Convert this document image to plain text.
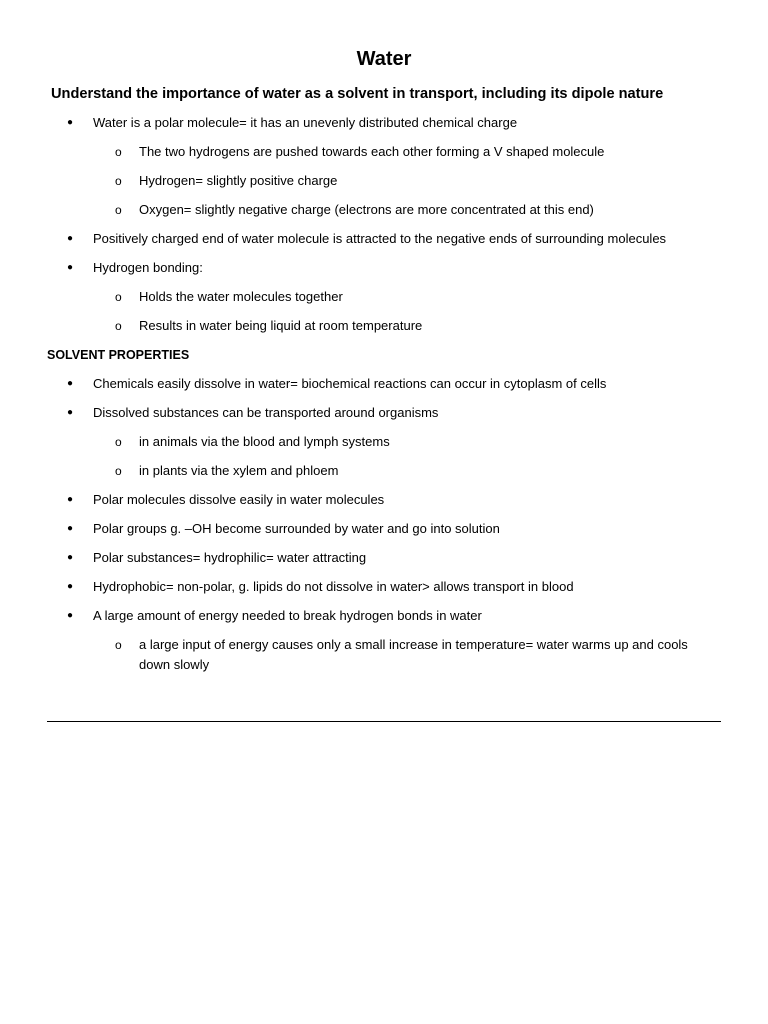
Water
Understand the importance of water as a solvent in transport, including its dipole nature
● Water is a polar molecule= it has an unevenly distributed chemical charge
o The two hydrogens are pushed towards each other forming a V shaped molecule
o Hydrogen= slightly positive charge
o Oxygen= slightly negative charge (electrons are more concentrated at this end)
● Positively charged end of water molecule is attracted to the negative ends of surrounding molecules
● Hydrogen bonding:
o Holds the water molecules together
o Results in water being liquid at room temperature
SOLVENT PROPERTIES
● Chemicals easily dissolve in water= biochemical reactions can occur in cytoplasm of cells
● Dissolved substances can be transported around organisms
o in animals via the blood and lymph systems
o in plants via the xylem and phloem
● Polar molecules dissolve easily in water molecules
● Polar groups g. –OH become surrounded by water and go into solution
● Polar substances= hydrophilic= water attracting
● Hydrophobic= non-polar, g. lipids do not dissolve in water> allows transport in blood
● A large amount of energy needed to break hydrogen bonds in water
o a large input of energy causes only a small increase in temperature= water warms up and cools down slowly
